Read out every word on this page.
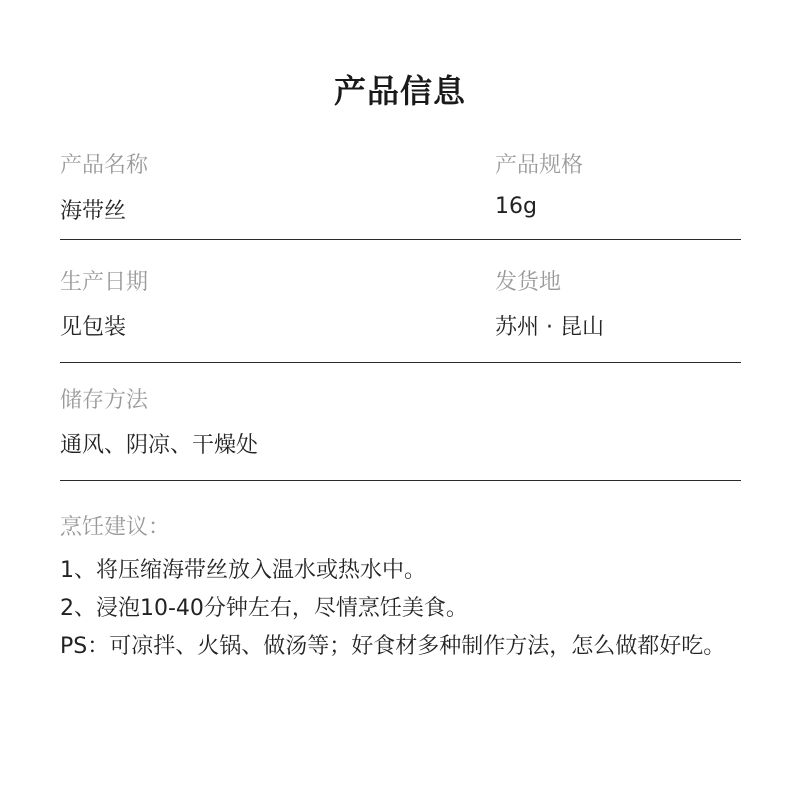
产品信息
产品名称
海带丝
产品规格
16g
生产日期
见包装
发货地
苏州 · 昆山
储存方法
通风、阴凉、干燥处
烹饪建议：
1、将压缩海带丝放入温水或热水中。
2、浸泡10-40分钟左右，尽情烹饪美食。
PS：可凉拌、火锅、做汤等；好食材多种制作方法，怎么做都好吃。
